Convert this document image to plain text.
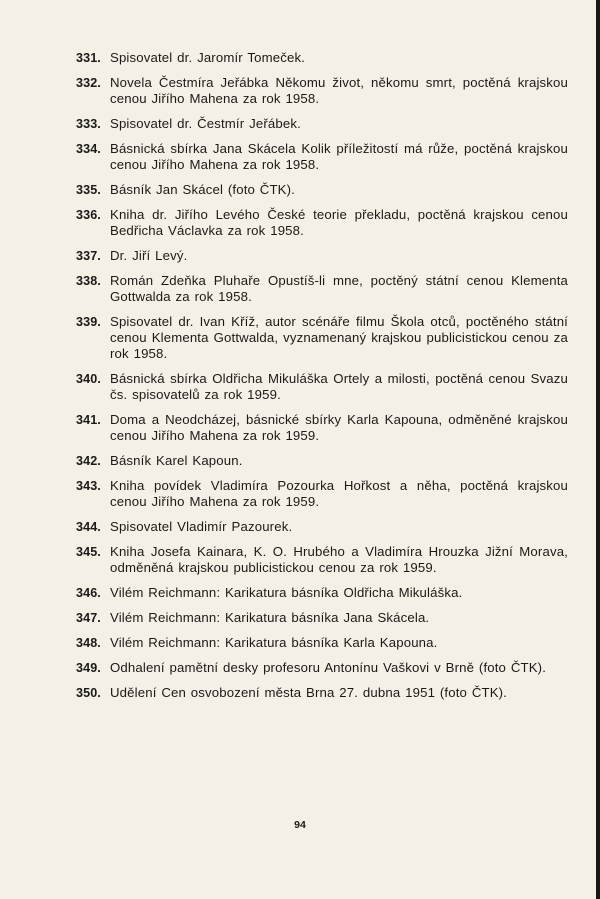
331. Spisovatel dr. Jaromír Tomeček.
332. Novela Čestmíra Jeřábka Někomu život, někomu smrt, poctěná krajskou cenou Jiřího Mahena za rok 1958.
333. Spisovatel dr. Čestmír Jeřábek.
334. Básnická sbírka Jana Skácela Kolik příležitostí má růže, poctěná krajskou cenou Jiřího Mahena za rok 1958.
335. Básník Jan Skácel (foto ČTK).
336. Kniha dr. Jiřího Levého České teorie překladu, poctěná krajskou cenou Bedřicha Václavka za rok 1958.
337. Dr. Jiří Levý.
338. Román Zdeňka Pluhaře Opustíš-li mne, poctěný státní cenou Klementa Gottwalda za rok 1958.
339. Spisovatel dr. Ivan Kříž, autor scénáře filmu Škola otců, poctěného státní cenou Klementa Gottwalda, vyznamenaný krajskou publicistickou cenou za rok 1958.
340. Básnická sbírka Oldřicha Mikuláška Ortely a milosti, poctěná cenou Svazu čs. spisovatelů za rok 1959.
341. Doma a Neodcházej, básnické sbírky Karla Kapouna, odměněné krajskou cenou Jiřího Mahena za rok 1959.
342. Básník Karel Kapoun.
343. Kniha povídek Vladimíra Pozourka Hořkost a něha, poctěná krajskou cenou Jiřího Mahena za rok 1959.
344. Spisovatel Vladimír Pazourek.
345. Kniha Josefa Kainara, K. O. Hrubého a Vladimíra Hrouzka Jižní Morava, odměněná krajskou publicistickou cenou za rok 1959.
346. Vilém Reichmann: Karikatura básníka Oldřicha Mikuláška.
347. Vilém Reichmann: Karikatura básníka Jana Skácela.
348. Vilém Reichmann: Karikatura básníka Karla Kapouna.
349. Odhalení pamětní desky profesoru Antonínu Vaškovi v Brně (foto ČTK).
350. Udělení Cen osvobození města Brna 27. dubna 1951 (foto ČTK).
94
